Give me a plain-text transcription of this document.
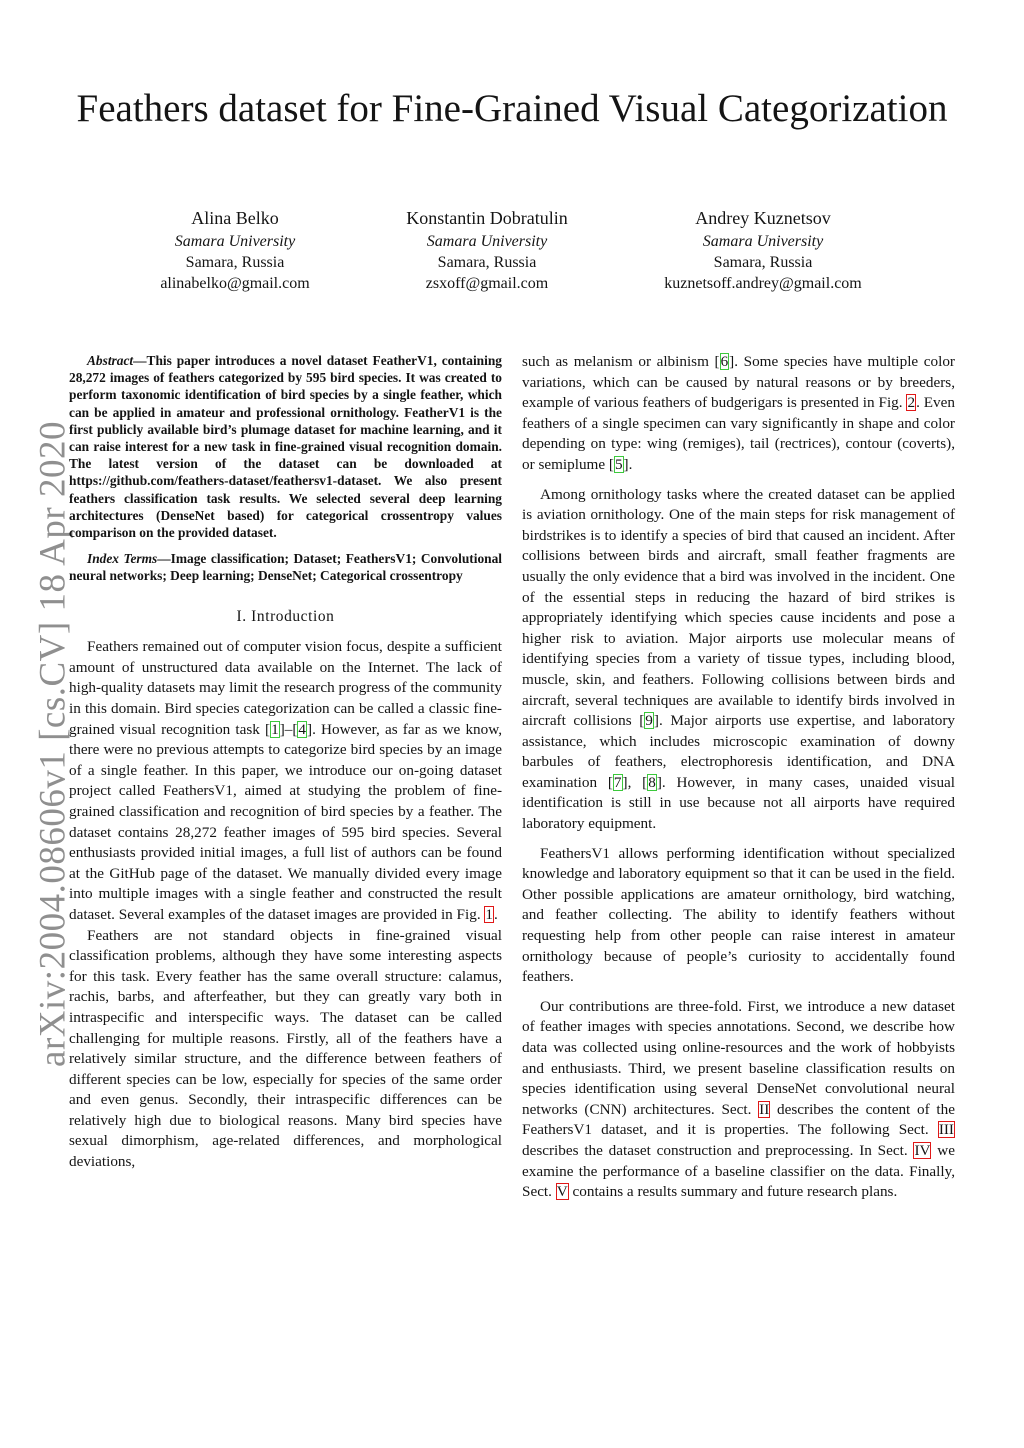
Feathers dataset for Fine-Grained Visual Categorization
Alina Belko
Samara University
Samara, Russia
alinabelko@gmail.com
Konstantin Dobratulin
Samara University
Samara, Russia
zsxoff@gmail.com
Andrey Kuznetsov
Samara University
Samara, Russia
kuznetsoff.andrey@gmail.com
arXiv:2004.08606v1 [cs.CV] 18 Apr 2020

Abstract—This paper introduces a novel dataset FeatherV1, containing 28,272 images of feathers categorized by 595 bird species. It was created to perform taxonomic identification of bird species by a single feather, which can be applied in amateur and professional ornithology. FeatherV1 is the first publicly available bird’s plumage dataset for machine learning, and it can raise interest for a new task in fine-grained visual recognition domain. The latest version of the dataset can be downloaded at https://github.com/feathers-dataset/feathersv1-dataset. We also present feathers classification task results. We selected several deep learning architectures (DenseNet based) for categorical crossentropy values comparison on the provided dataset.

Index Terms—Image classification; Dataset; FeathersV1; Convolutional neural networks; Deep learning; DenseNet; Categorical crossentropy

I. Introduction

Feathers remained out of computer vision focus, despite a sufficient amount of unstructured data available on the Internet. The lack of high-quality datasets may limit the research progress of the community in this domain. Bird species categorization can be called a classic fine-grained visual recognition task [1]–[4]. However, as far as we know, there were no previous attempts to categorize bird species by an image of a single feather. In this paper, we introduce our on-going dataset project called FeathersV1, aimed at studying the problem of fine-grained classification and recognition of bird species by a feather. The dataset contains 28,272 feather images of 595 bird species. Several enthusiasts provided initial images, a full list of authors can be found at the GitHub page of the dataset. We manually divided every image into multiple images with a single feather and constructed the result dataset. Several examples of the dataset images are provided in Fig. 1.

Feathers are not standard objects in fine-grained visual classification problems, although they have some interesting aspects for this task. Every feather has the same overall structure: calamus, rachis, barbs, and afterfeather, but they can greatly vary both in intraspecific and interspecific ways. The dataset can be called challenging for multiple reasons. Firstly, all of the feathers have a relatively similar structure, and the difference between feathers of different species can be low, especially for species of the same order and even genus. Secondly, their intraspecific differences can be relatively high due to biological reasons. Many bird species have sexual dimorphism, age-related differences, and morphological deviations,

such as melanism or albinism [6]. Some species have multiple color variations, which can be caused by natural reasons or by breeders, example of various feathers of budgerigars is presented in Fig. 2. Even feathers of a single specimen can vary significantly in shape and color depending on type: wing (remiges), tail (rectrices), contour (coverts), or semiplume [5].

Among ornithology tasks where the created dataset can be applied is aviation ornithology. One of the main steps for risk management of birdstrikes is to identify a species of bird that caused an incident. After collisions between birds and aircraft, small feather fragments are usually the only evidence that a bird was involved in the incident. One of the essential steps in reducing the hazard of bird strikes is appropriately identifying which species cause incidents and pose a higher risk to aviation. Major airports use molecular means of identifying species from a variety of tissue types, including blood, muscle, skin, and feathers. Following collisions between birds and aircraft, several techniques are available to identify birds involved in aircraft collisions [9]. Major airports use expertise, and laboratory assistance, which includes microscopic examination of downy barbules of feathers, electrophoresis identification, and DNA examination [7], [8]. However, in many cases, unaided visual identification is still in use because not all airports have required laboratory equipment.

FeathersV1 allows performing identification without specialized knowledge and laboratory equipment so that it can be used in the field. Other possible applications are amateur ornithology, bird watching, and feather collecting. The ability to identify feathers without requesting help from other people can raise interest in amateur ornithology because of people’s curiosity to accidentally found feathers.

Our contributions are three-fold. First, we introduce a new dataset of feather images with species annotations. Second, we describe how data was collected using online-resources and the work of hobbyists and enthusiasts. Third, we present baseline classification results on species identification using several DenseNet convolutional neural networks (CNN) architectures. Sect. II describes the content of the FeathersV1 dataset, and it is properties. The following Sect. III describes the dataset construction and preprocessing. In Sect. IV we examine the performance of a baseline classifier on the data. Finally, Sect. V contains a results summary and future research plans.
